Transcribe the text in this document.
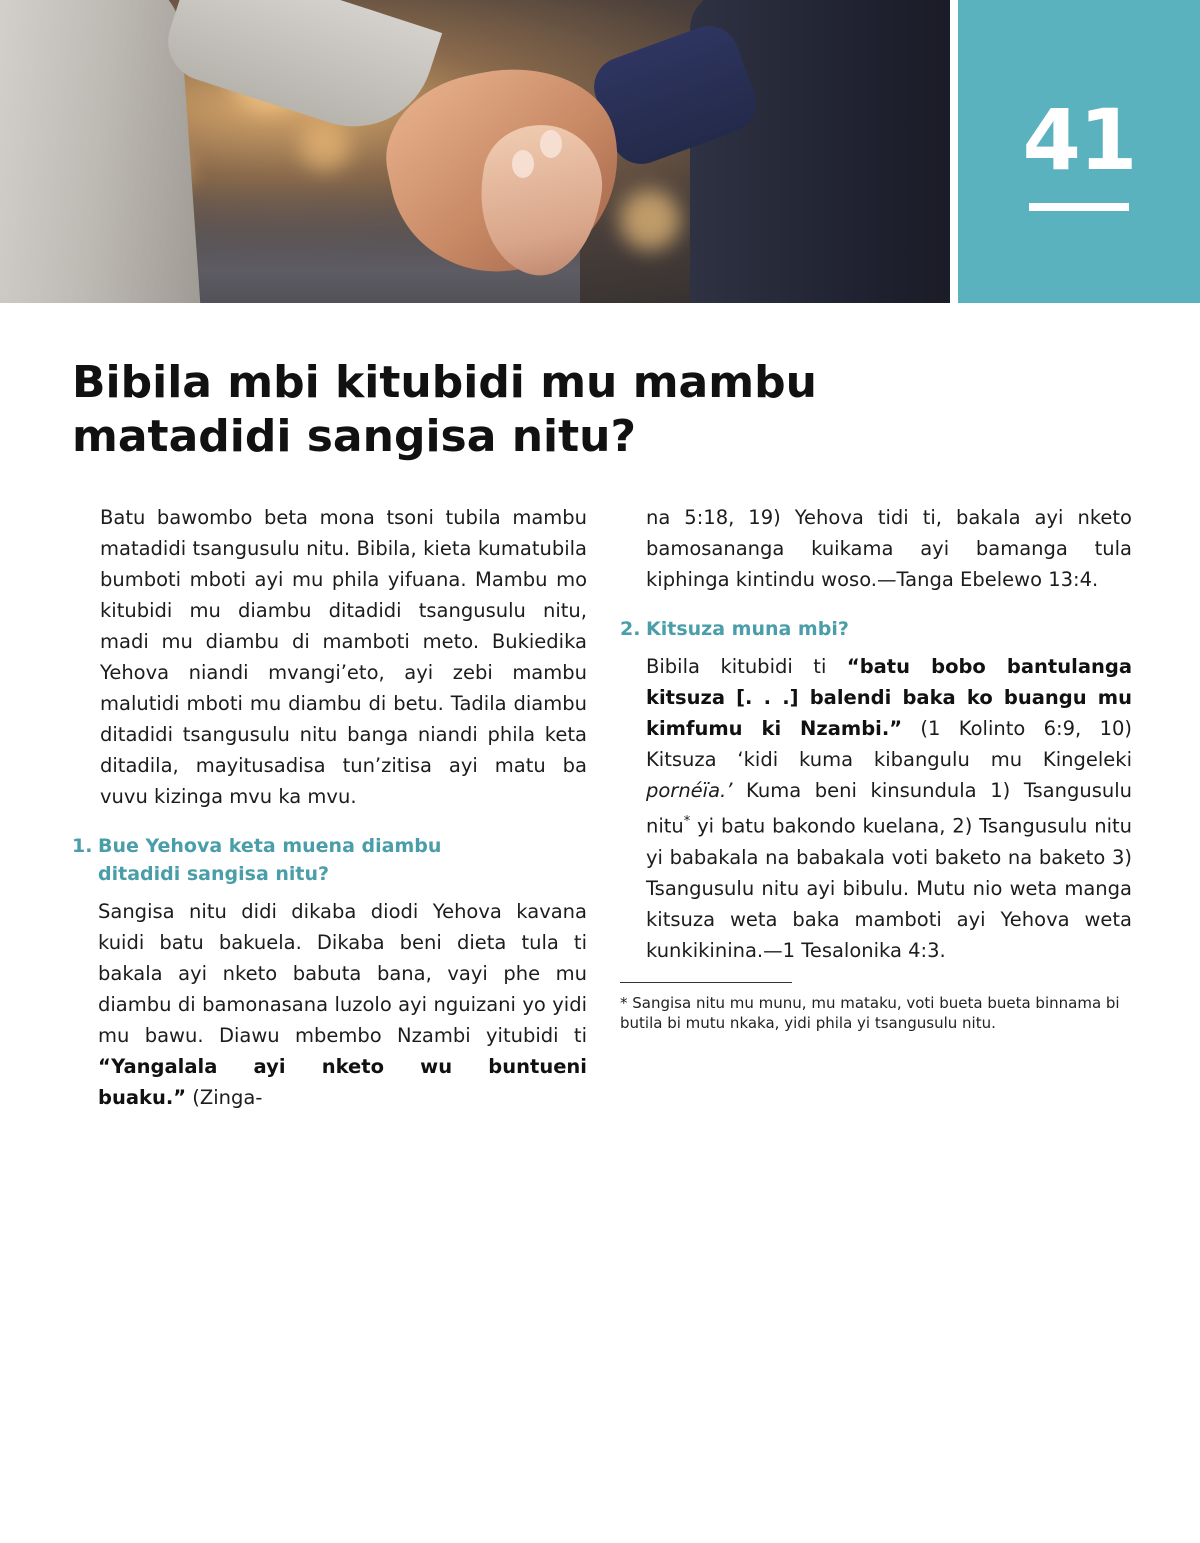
41
Bibila mbi kitubidi mu mambu
matadidi sangisa nitu?

Batu bawombo beta mona tsoni tubila mambu matadidi tsangusulu nitu. Bibila, kieta kumatubila bumboti mboti ayi mu phila yifuana. Mambu mo kitubidi mu diambu ditadidi tsangusulu nitu, madi mu diambu di mamboti meto. Bukiedika Yehova niandi mvangi’eto, ayi zebi mambu malutidi mboti mu diambu di betu. Tadila diambu ditadidi tsangusulu nitu banga niandi phila keta ditadila, mayitusadisa tun’zitisa ayi matu ba vuvu kizinga mvu ka mvu.

1. Bue Yehova keta muena diambu
ditadidi sangisa nitu?

Sangisa nitu didi dikaba diodi Yehova kavana kuidi batu bakuela. Dikaba beni dieta tula ti bakala ayi nketo babuta bana, vayi phe mu diambu di bamonasana luzolo ayi nguizani yo yidi mu bawu. Diawu mbembo Nzambi yitubidi ti “Yangalala ayi nketo wu buntueni buaku.” (Zinga-

na 5:18, 19) Yehova tidi ti, bakala ayi nketo bamosananga kuikama ayi bamanga tula kiphinga kintindu woso.—Tanga Ebelewo 13:4.

2. Kitsuza muna mbi?

Bibila kitubidi ti “batu bobo bantulanga kitsuza [. . .] balendi baka ko buangu mu kimfumu ki Nzambi.” (1 Kolinto 6:9, 10) Kitsuza ‘kidi kuma kibangulu mu Kingeleki pornéïa.’ Kuma beni kinsundula 1) Tsangusulu nitu* yi batu bakondo kuelana, 2) Tsangusulu nitu yi babakala na babakala voti baketo na baketo 3) Tsangusulu nitu ayi bibulu. Mutu nio weta manga kitsuza weta baka mamboti ayi Yehova weta kunkikinina.—1 Tesalonika 4:3.

* Sangisa nitu mu munu, mu mataku, voti bueta bueta binnama bi butila bi mutu nkaka, yidi phila yi tsangusulu nitu.
